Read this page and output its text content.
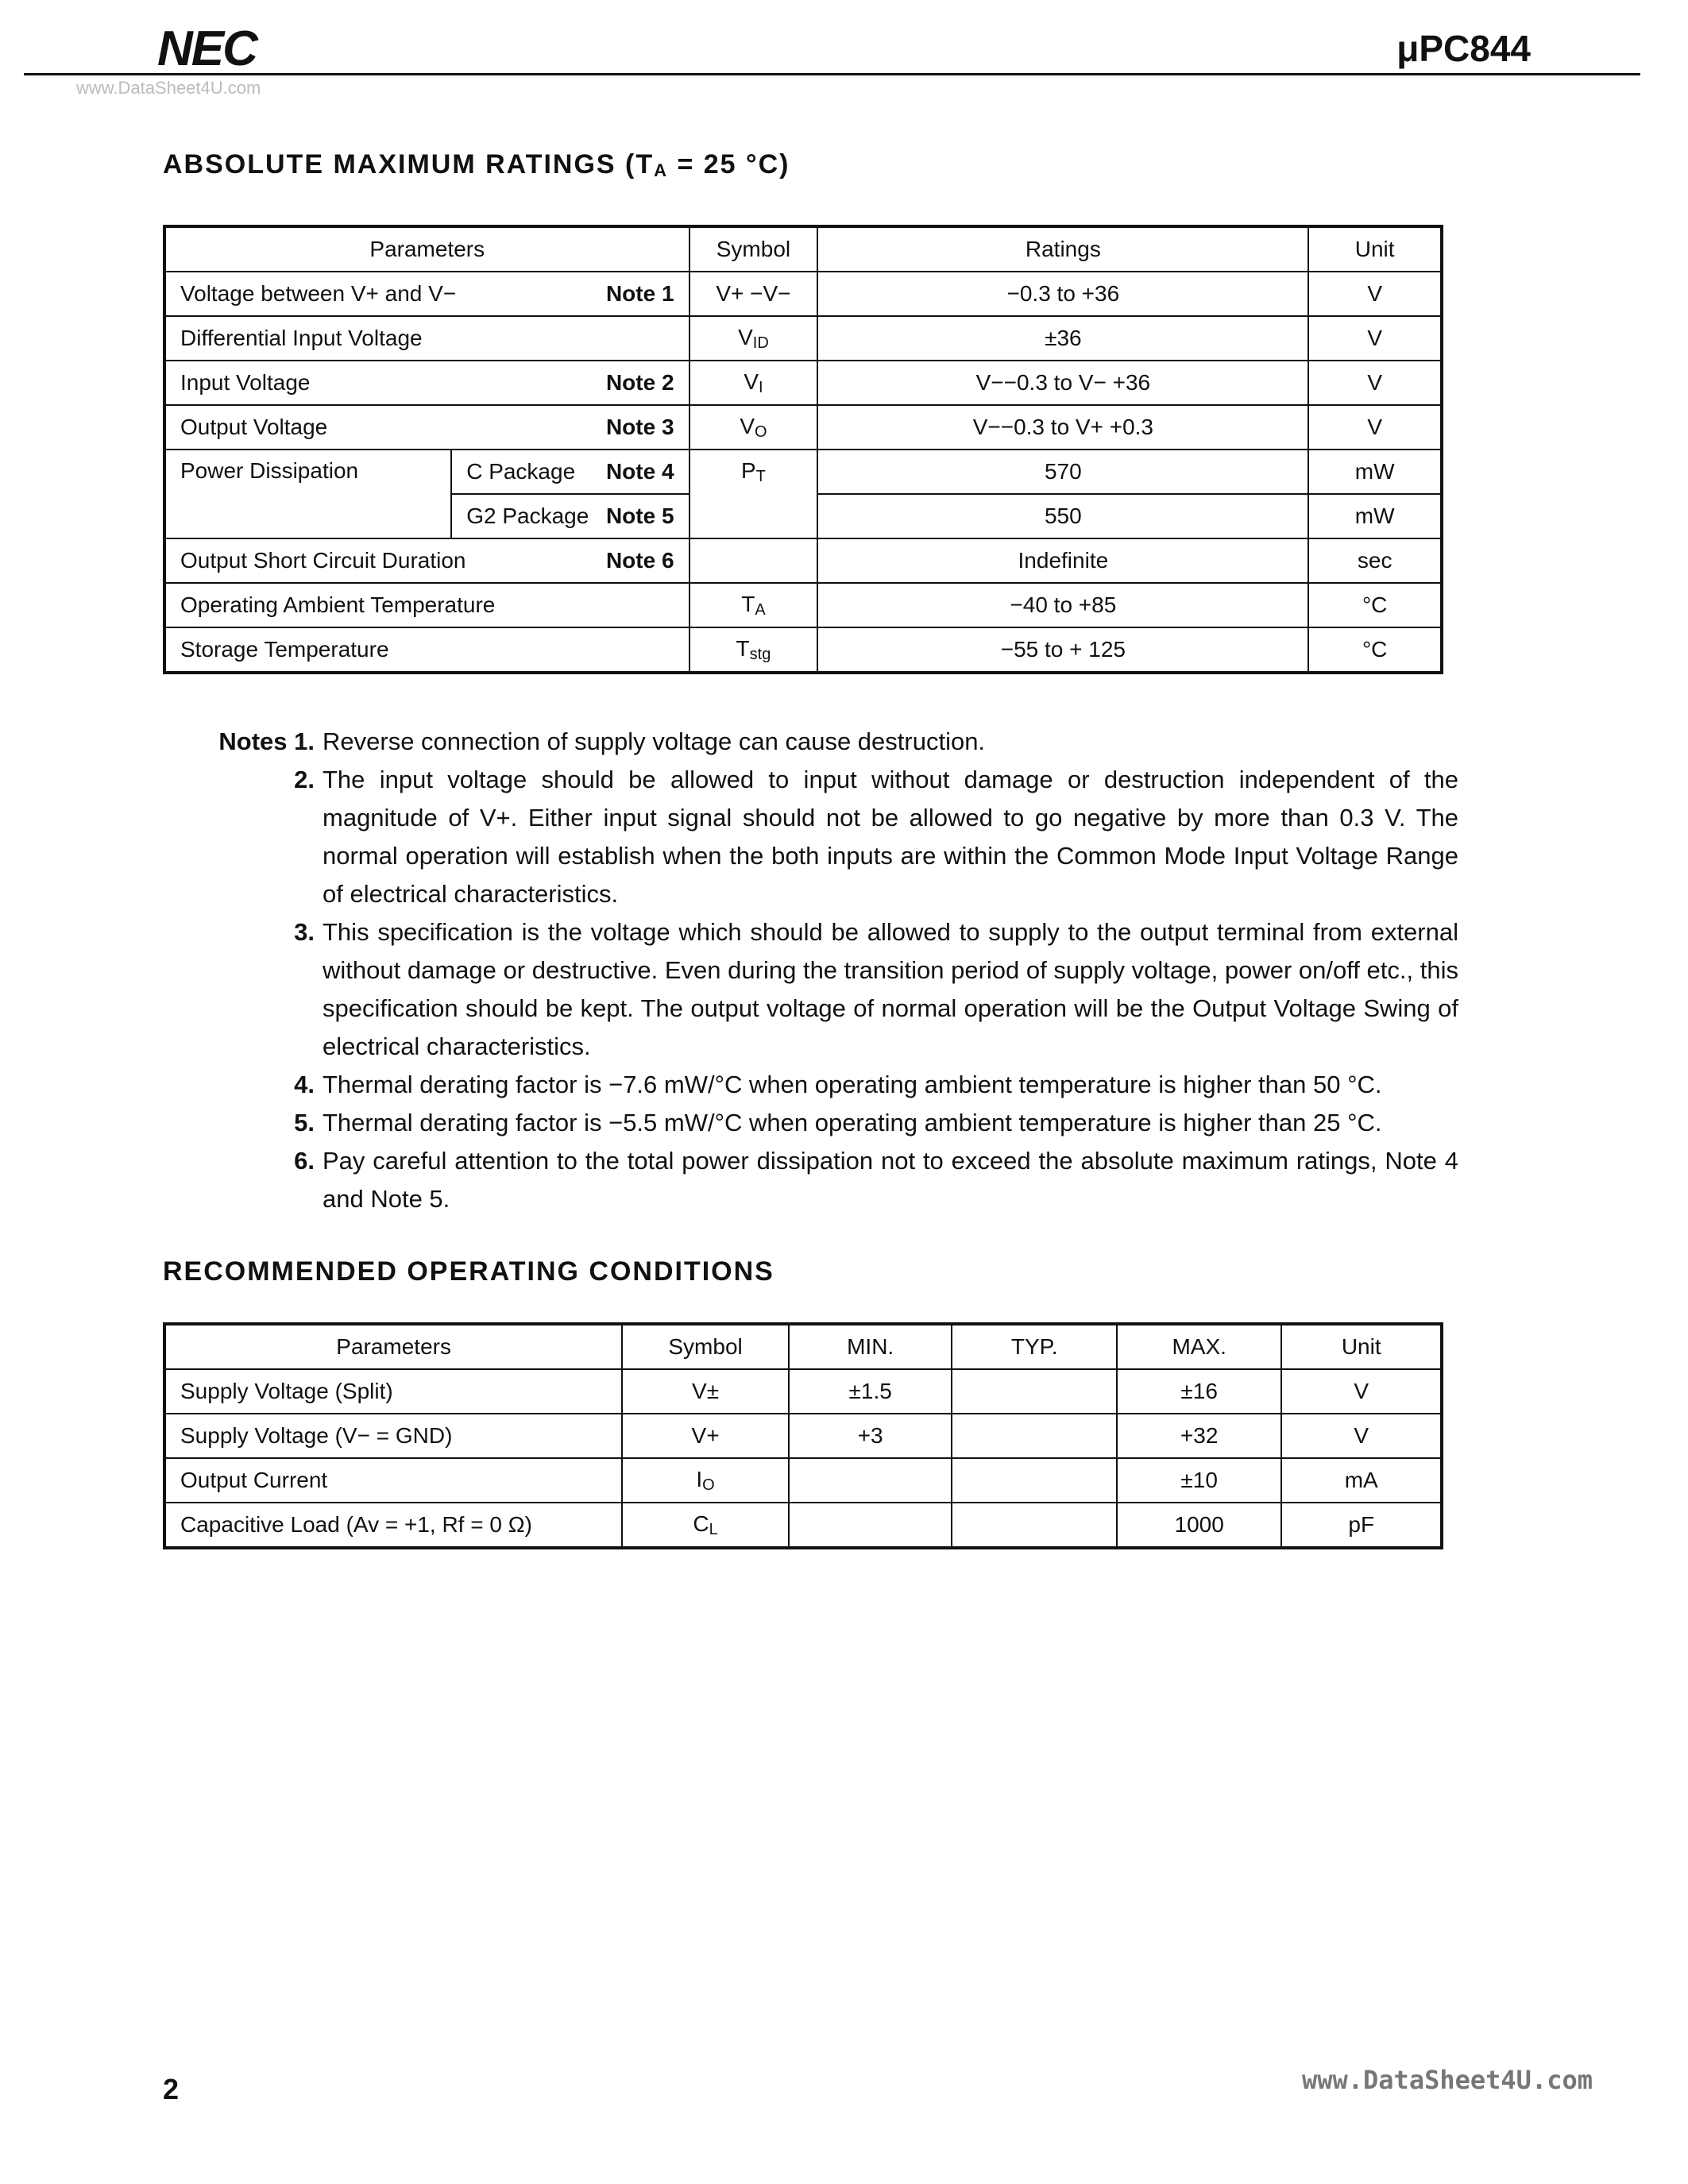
NEC	μPC844
www.DataSheet4U.com
ABSOLUTE MAXIMUM RATINGS (TA = 25 °C)
Parameters		Symbol	Ratings	Unit
Voltage between V+ and V− Note 1		V+ −V−	−0.3 to +36	V
Differential Input Voltage		$V_{ID}$	±36	V
Input Voltage Note 2		$V_I$	V−−0.3 to V− +36	V
Output Voltage Note 3		$V_O$	V−−0.3 to V+ +0.3	V
Power Dissipation	C Package Note 4	$P_T$	570	mW
	G2 Package Note 5		550	mW
Output Short Circuit Duration Note 6			Indefinite	sec
Operating Ambient Temperature		$T_A$	−40 to +85	°C
Storage Temperature		$T_{stg}$	−55 to + 125	°C
Notes 1. Reverse connection of supply voltage can cause destruction.
2. The input voltage should be allowed to input without damage or destruction independent of the magnitude of V+. Either input signal should not be allowed to go negative by more than 0.3 V. The normal operation will establish when the both inputs are within the Common Mode Input Voltage Range of electrical characteristics.
3. This specification is the voltage which should be allowed to supply to the output terminal from external without damage or destructive. Even during the transition period of supply voltage, power on/off etc., this specification should be kept. The output voltage of normal operation will be the Output Voltage Swing of electrical characteristics.
4. Thermal derating factor is −7.6 mW/°C when operating ambient temperature is higher than 50 °C.
5. Thermal derating factor is −5.5 mW/°C when operating ambient temperature is higher than 25 °C.
6. Pay careful attention to the total power dissipation not to exceed the absolute maximum ratings, Note 4 and Note 5.
RECOMMENDED OPERATING CONDITIONS
Parameters	Symbol	MIN.	TYP.	MAX.	Unit
Supply Voltage (Split)	V±	±1.5		±16	V
Supply Voltage (V− = GND)	V+	+3		+32	V
Output Current	$I_O$			±10	mA
Capacitive Load (Av = +1, Rf = 0 Ω)	$C_L$			1000	pF
2	www.DataSheet4U.com
